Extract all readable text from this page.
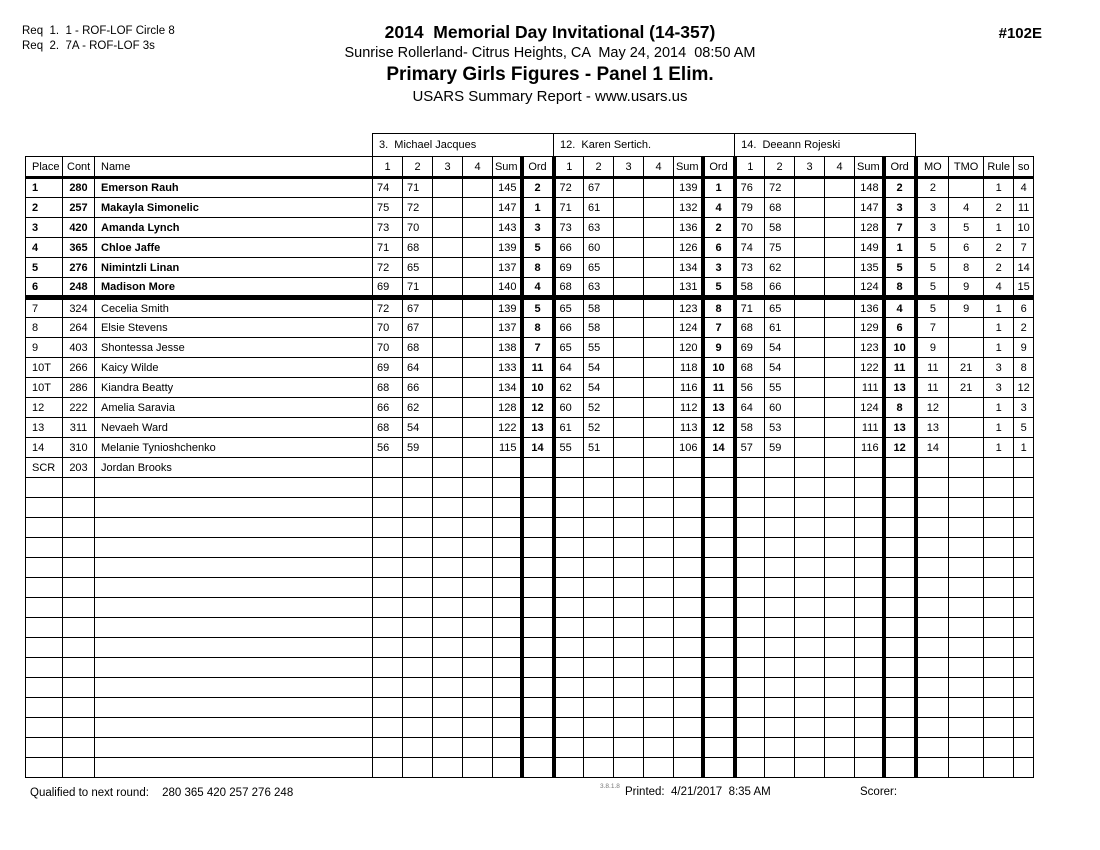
Req  1.  1 - ROF-LOF Circle 8
Req  2.  7A - ROF-LOF 3s
2014  Memorial Day Invitational (14-357)
Sunrise Rollerland- Citrus Heights, CA  May 24, 2014  08:50 AM
Primary Girls Figures - Panel 1 Elim.
USARS Summary Report - www.usars.us
#102E
			3.  Michael Jacques						12.  Karen Sertich.						14.  Deeann Rojeski									
Place	Cont	Name	1	2	3	4	Sum	Ord	1	2	3	4	Sum	Ord	1	2	3	4	Sum	Ord	MO	TMO	Rule	so
1	280	Emerson Rauh	74	71			145	2	72	67			139	1	76	72			148	2	2		1	4
2	257	Makayla Simonelic	75	72			147	1	71	61			132	4	79	68			147	3	3	4	2	11
3	420	Amanda Lynch	73	70			143	3	73	63			136	2	70	58			128	7	3	5	1	10
4	365	Chloe Jaffe	71	68			139	5	66	60			126	6	74	75			149	1	5	6	2	7
5	276	Nimintzli Linan	72	65			137	8	69	65			134	3	73	62			135	5	5	8	2	14
6	248	Madison More	69	71			140	4	68	63			131	5	58	66			124	8	5	9	4	15
7	324	Cecelia Smith	72	67			139	5	65	58			123	8	71	65			136	4	5	9	1	6
8	264	Elsie Stevens	70	67			137	8	66	58			124	7	68	61			129	6	7		1	2
9	403	Shontessa Jesse	70	68			138	7	65	55			120	9	69	54			123	10	9		1	9
10T	266	Kaicy Wilde	69	64			133	11	64	54			118	10	68	54			122	11	11	21	3	8
10T	286	Kiandra Beatty	68	66			134	10	62	54			116	11	56	55			111	13	11	21	3	12
12	222	Amelia Saravia	66	62			128	12	60	52			112	13	64	60			124	8	12		1	3
13	311	Nevaeh Ward	68	54			122	13	61	52			113	12	58	53			111	13	13		1	5
14	310	Melanie Tynioshchenko	56	59			115	14	55	51			106	14	57	59			116	12	14		1	1
SCR	203	Jordan Brooks																						

Qualified to next round: 280 365 420 257 276 248
3.8.1.8 Printed:  4/21/2017  8:35 AM	Scorer:
